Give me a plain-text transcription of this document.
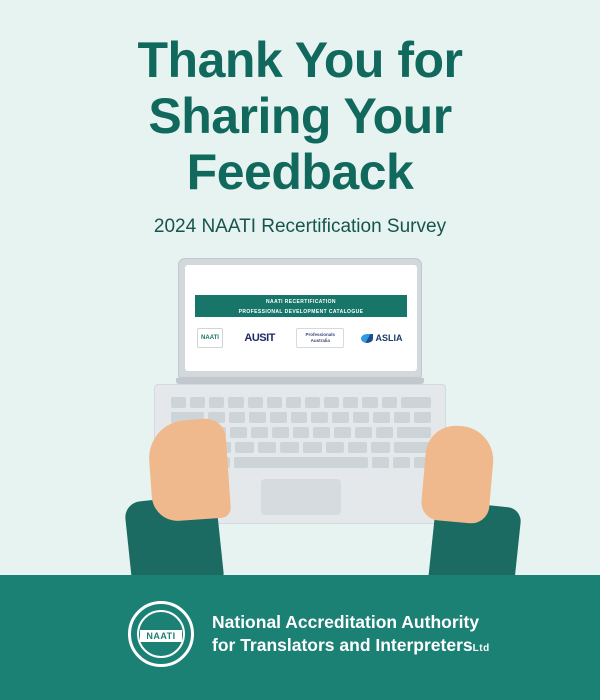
Thank You for
Sharing Your
Feedback
2024 NAATI Recertification Survey
NAATI RECERTIFICATION
PROFESSIONAL DEVELOPMENT CATALOGUE
NAATI	AUSIT	Professionals Australia	ASLIA
NAATI
National Accreditation Authority
for Translators and InterpretersLtd
